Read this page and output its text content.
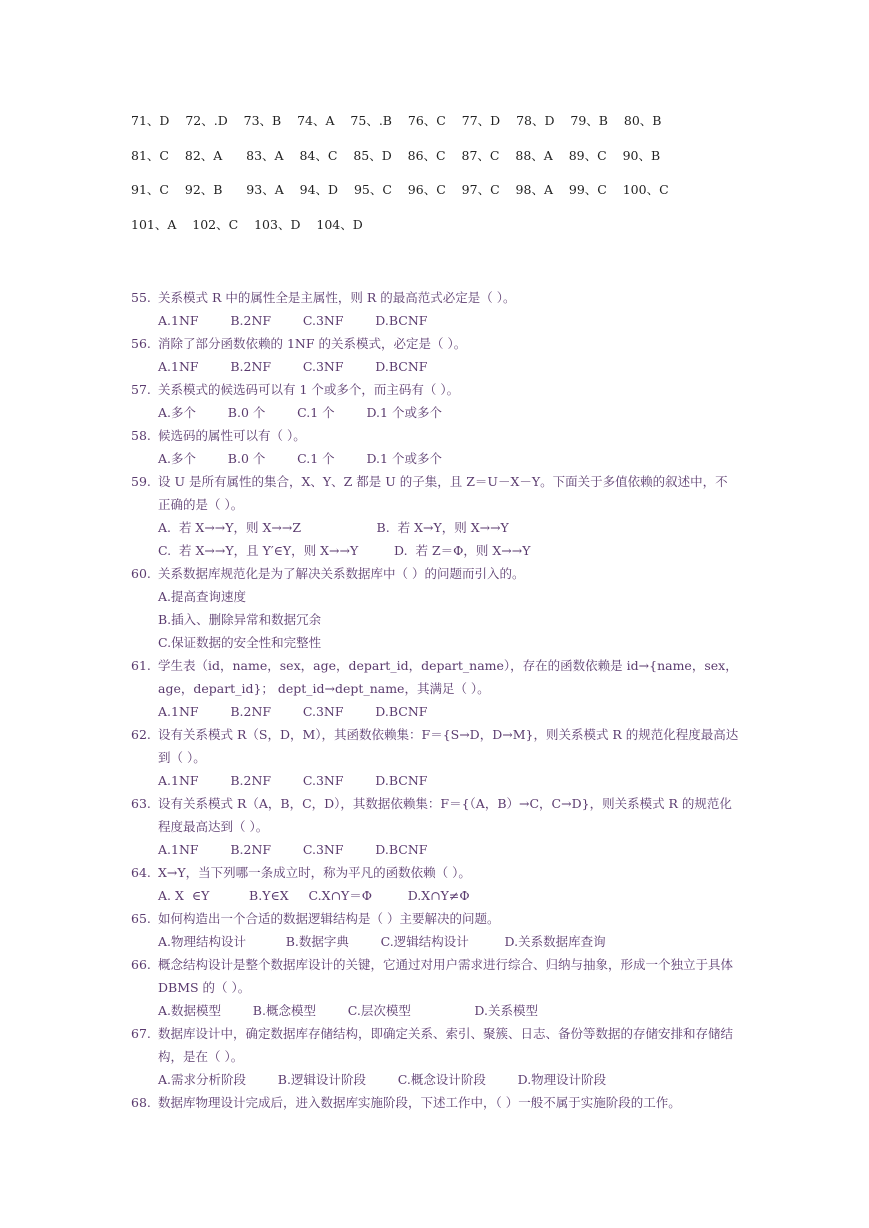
71、D    72、.D    73、B    74、A    75、.B    76、C    77、D    78、D    79、B    80、B
81、C    82、A      83、A    84、C    85、D    86、C    87、C    88、A    89、C    90、B
91、C    92、B      93、A    94、D    95、C    96、C    97、C    98、A    99、C    100、C
101、A    102、C    103、D    104、D
55. 关系模式 R 中的属性全是主属性，则 R 的最高范式必定是（ ）。
A.1NF        B.2NF        C.3NF        D.BCNF
56. 消除了部分函数依赖的 1NF 的关系模式，必定是（ ）。
A.1NF        B.2NF        C.3NF        D.BCNF
57. 关系模式的候选码可以有 1 个或多个，而主码有（ ）。
A.多个        B.0 个        C.1 个        D.1 个或多个
58. 候选码的属性可以有（ ）。
A.多个        B.0 个        C.1 个        D.1 个或多个
59. 设 U 是所有属性的集合，X、Y、Z 都是 U 的子集，且 Z＝U－X－Y。下面关于多值依赖的叙述中，不 正确的是（ ）。
A.  若 X→→Y，则 X→→Z                   B.  若 X→Y，则 X→→Y
C.  若 X→→Y，且 Y′∈Y，则 X→→Y         D.  若 Z＝Φ，则 X→→Y
60. 关系数据库规范化是为了解决关系数据库中（ ）的问题而引入的。
A.提高查询速度
B.插入、删除异常和数据冗余
C.保证数据的安全性和完整性
61. 学生表（id，name，sex，age，depart_id，depart_name），存在的函数依赖是 id→{name，sex，age，depart_id}； dept_id→dept_name，其满足（ ）。
A.1NF        B.2NF        C.3NF        D.BCNF
62. 设有关系模式 R（S，D，M），其函数依赖集：F＝{S→D，D→M}，则关系模式 R 的规范化程度最高达到（ ）。
A.1NF        B.2NF        C.3NF        D.BCNF
63. 设有关系模式 R（A，B，C，D），其数据依赖集：F＝{（A，B）→C，C→D}，则关系模式 R 的规范化程度最高达到（ ）。
A.1NF        B.2NF        C.3NF        D.BCNF
64. X→Y，当下列哪一条成立时，称为平凡的函数依赖（ ）。
A. X  ∈Y          B.Y∈X     C.X∩Y＝Φ         D.X∩Y≠Φ
65. 如何构造出一个合适的数据逻辑结构是（ ）主要解决的问题。
A.物理结构设计          B.数据字典        C.逻辑结构设计         D.关系数据库查询
66. 概念结构设计是整个数据库设计的关键，它通过对用户需求进行综合、归纳与抽象，形成一个独立于具体 DBMS 的（ ）。
A.数据模型        B.概念模型        C.层次模型                D.关系模型
67. 数据库设计中，确定数据库存储结构，即确定关系、索引、聚簇、日志、备份等数据的存储安排和存储结构，是在（ ）。
A.需求分析阶段        B.逻辑设计阶段        C.概念设计阶段        D.物理设计阶段
68. 数据库物理设计完成后，进入数据库实施阶段，下述工作中，（ ）一般不属于实施阶段的工作。
